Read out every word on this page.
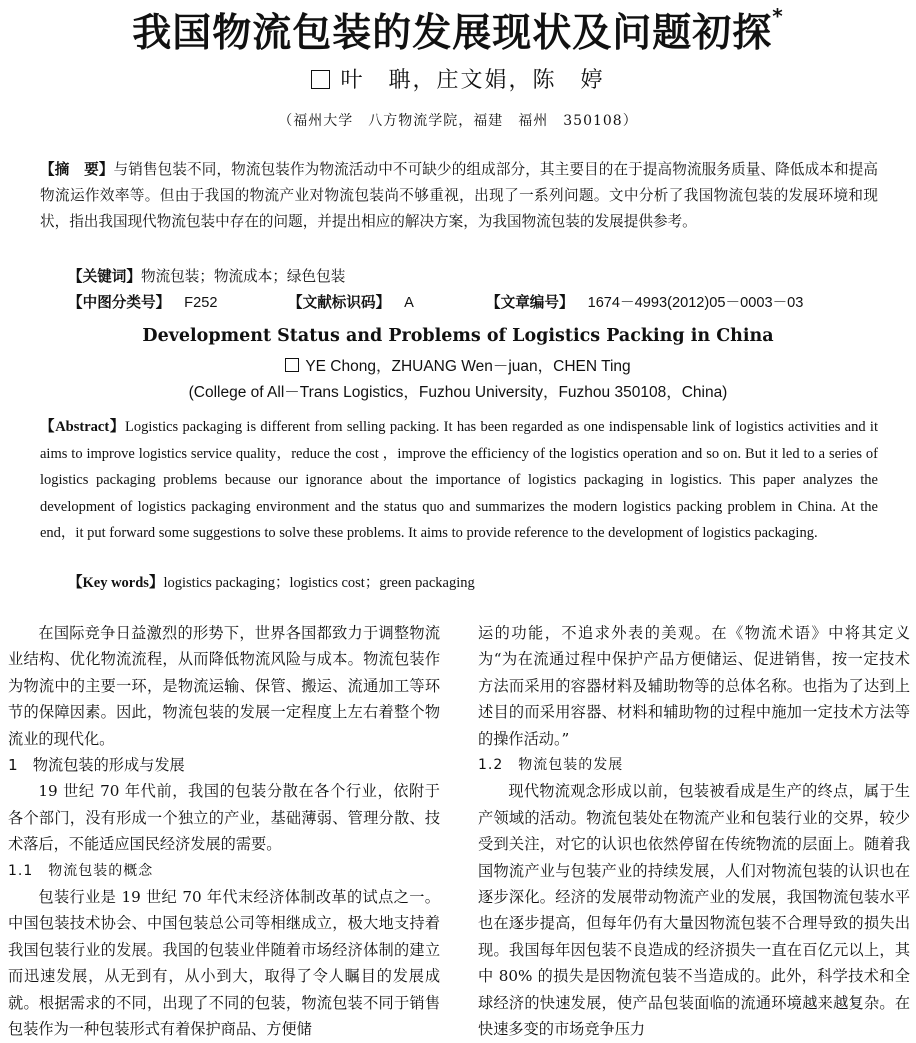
我国物流包装的发展现状及问题初探*
叶　聃，庄文娟，陈　婷
（福州大学　八方物流学院，福建　福州　350108）
【摘　要】与销售包装不同，物流包装作为物流活动中不可缺少的组成部分，其主要目的在于提高物流服务质量、降低成本和提高物流运作效率等。但由于我国的物流产业对物流包装尚不够重视，出现了一系列问题。文中分析了我国物流包装的发展环境和现状，指出我国现代物流包装中存在的问题，并提出相应的解决方案，为我国物流包装的发展提供参考。
【关键词】物流包装；物流成本；绿色包装
【中图分类号】 F252	【文献标识码】 A	【文章编号】 1674－4993(2012)05－0003－03
Development Status and Problems of Logistics Packing in China
YE Chong，ZHUANG Wen－juan，CHEN Ting
(College of All－Trans Logistics，Fuzhou University，Fuzhou 350108，China)
【Abstract】Logistics packaging is different from selling packing. It has been regarded as one indispensable link of logistics activities and it aims to improve logistics service quality，reduce the cost ，improve the efficiency of the logistics operation and so on. But it led to a series of logistics packaging problems because our ignorance about the importance of logistics packaging in logistics. This paper analyzes the development of logistics packaging environment and the status quo and summarizes the modern logistics packing problem in China. At the end，it put forward some suggestions to solve these problems. It aims to provide reference to the development of logistics packaging.
【Key words】logistics packaging；logistics cost；green packaging

在国际竞争日益激烈的形势下，世界各国都致力于调整物流业结构、优化物流流程，从而降低物流风险与成本。物流包装作为物流中的主要一环，是物流运输、保管、搬运、流通加工等环节的保障因素。因此，物流包装的发展一定程度上左右着整个物流业的现代化。

1　物流包装的形成与发展

19 世纪 70 年代前，我国的包装分散在各个行业，依附于各个部门，没有形成一个独立的产业，基础薄弱、管理分散、技术落后，不能适应国民经济发展的需要。

1.1　物流包装的概念

包装行业是 19 世纪 70 年代末经济体制改革的试点之一。中国包装技术协会、中国包装总公司等相继成立，极大地支持着我国包装行业的发展。我国的包装业伴随着市场经济体制的建立而迅速发展，从无到有，从小到大，取得了令人瞩目的发展成就。根据需求的不同，出现了不同的包装，物流包装不同于销售包装作为一种包装形式有着保护商品、方便储

运的功能，不追求外表的美观。在《物流术语》中将其定义为“为在流通过程中保护产品方便储运、促进销售，按一定技术方法而采用的容器材料及辅助物等的总体名称。也指为了达到上述目的而采用容器、材料和辅助物的过程中施加一定技术方法等的操作活动。”

1.2　物流包装的发展

现代物流观念形成以前，包装被看成是生产的终点，属于生产领域的活动。物流包装处在物流产业和包装行业的交界，较少受到关注，对它的认识也依然停留在传统物流的层面上。随着我国物流产业与包装产业的持续发展，人们对物流包装的认识也在逐步深化。经济的发展带动物流产业的发展，我国物流包装水平也在逐步提高，但每年仍有大量因物流包装不合理导致的损失出现。我国每年因包装不良造成的经济损失一直在百亿元以上，其中 80% 的损失是因物流包装不当造成的。此外，科学技术和全球经济的快速发展，使产品包装面临的流通环境越来越复杂。在快速多变的市场竞争压力
